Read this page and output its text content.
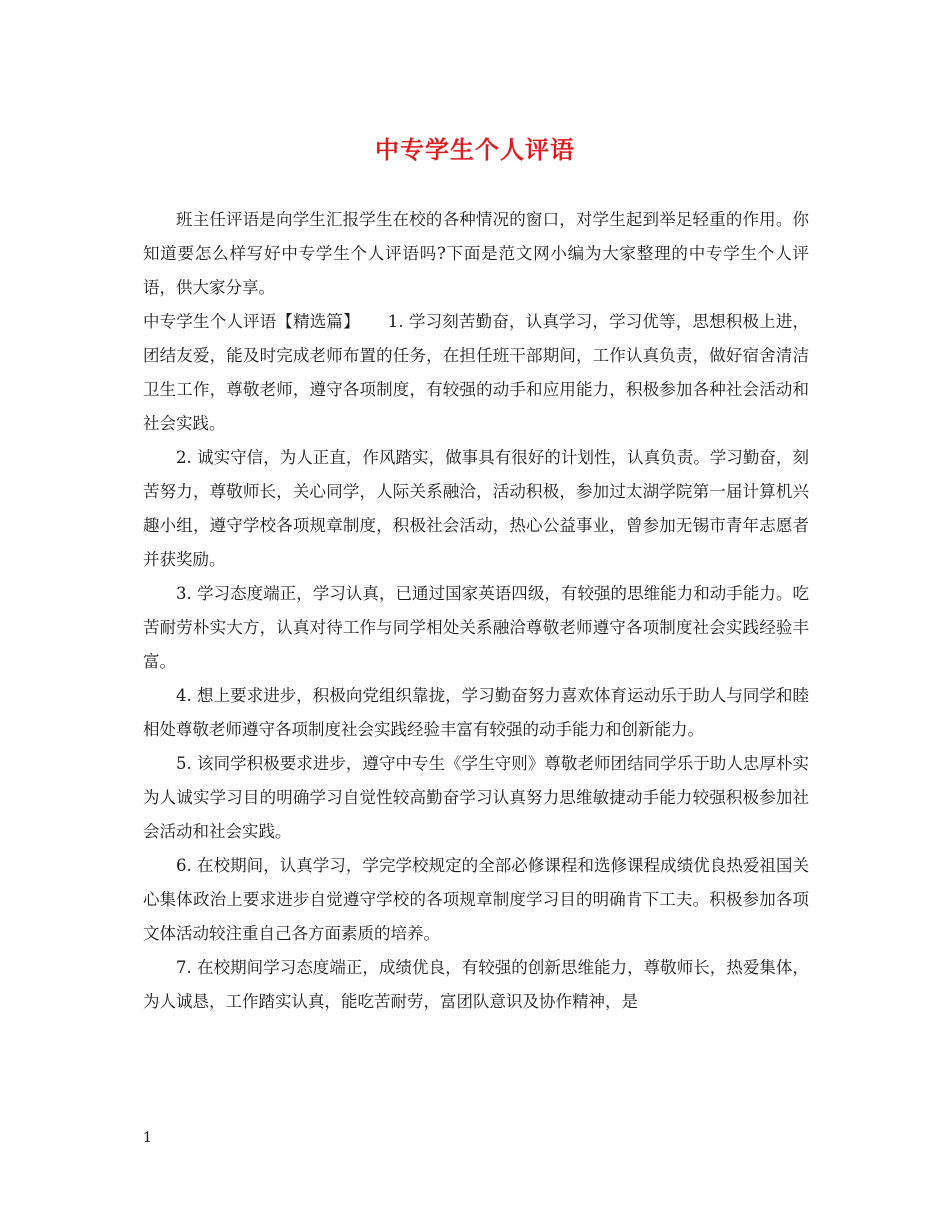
中专学生个人评语

班主任评语是向学生汇报学生在校的各种情况的窗口，对学生起到举足轻重的作用。你知道要怎么样写好中专学生个人评语吗?下面是范文网小编为大家整理的中专学生个人评语，供大家分享。

中专学生个人评语【精选篇】 1. 学习刻苦勤奋，认真学习，学习优等，思想积极上进，团结友爱，能及时完成老师布置的任务，在担任班干部期间，工作认真负责，做好宿舍清洁卫生工作，尊敬老师，遵守各项制度，有较强的动手和应用能力，积极参加各种社会活动和社会实践。

2. 诚实守信，为人正直，作风踏实，做事具有很好的计划性，认真负责。学习勤奋，刻苦努力，尊敬师长，关心同学，人际关系融洽，活动积极，参加过太湖学院第一届计算机兴趣小组，遵守学校各项规章制度，积极社会活动，热心公益事业，曾参加无锡市青年志愿者并获奖励。

3. 学习态度端正，学习认真，已通过国家英语四级，有较强的思维能力和动手能力。吃苦耐劳朴实大方，认真对待工作与同学相处关系融洽尊敬老师遵守各项制度社会实践经验丰富。

4. 想上要求进步，积极向党组织靠拢，学习勤奋努力喜欢体育运动乐于助人与同学和睦相处尊敬老师遵守各项制度社会实践经验丰富有较强的动手能力和创新能力。

5. 该同学积极要求进步，遵守中专生《学生守则》尊敬老师团结同学乐于助人忠厚朴实为人诚实学习目的明确学习自觉性较高勤奋学习认真努力思维敏捷动手能力较强积极参加社会活动和社会实践。

6. 在校期间，认真学习，学完学校规定的全部必修课程和选修课程成绩优良热爱祖国关心集体政治上要求进步自觉遵守学校的各项规章制度学习目的明确肯下工夫。积极参加各项文体活动较注重自己各方面素质的培养。

7. 在校期间学习态度端正，成绩优良，有较强的创新思维能力，尊敬师长，热爱集体，为人诚恳，工作踏实认真，能吃苦耐劳，富团队意识及协作精神，是

1
